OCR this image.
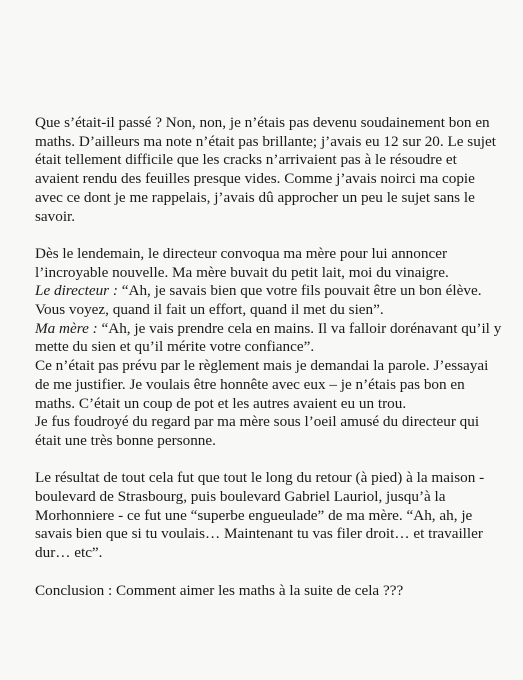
Que s’était-il passé ? Non, non, je n’étais pas devenu soudainement bon en
maths. D’ailleurs ma note n’était pas brillante; j’avais eu 12 sur 20. Le sujet
était tellement difficile que les cracks n’arrivaient pas à le résoudre et
avaient rendu des feuilles presque vides. Comme j’avais noirci ma copie
avec ce dont je me rappelais, j’avais dû approcher un peu le sujet sans le
savoir.

Dès le lendemain, le directeur convoqua ma mère pour lui annoncer
l’incroyable nouvelle. Ma mère buvait du petit lait, moi du vinaigre.
Le directeur : “Ah, je savais bien que votre fils pouvait être un bon élève.
Vous voyez, quand il fait un effort, quand il met du sien”.
Ma mère : “Ah, je vais prendre cela en mains. Il va falloir dorénavant qu’il y
mette du sien et qu’il mérite votre confiance”.
Ce n’était pas prévu par le règlement mais je demandai la parole. J’essayai
de me justifier. Je voulais être honnête avec eux – je n’étais pas bon en
maths. C’était un coup de pot et les autres avaient eu un trou.
Je fus foudroyé du regard par ma mère sous l’oeil amusé du directeur qui
était une très bonne personne.

Le résultat de tout cela fut que tout le long du retour (à pied) à la maison -
boulevard de Strasbourg, puis boulevard Gabriel Lauriol, jusqu’à la
Morhonniere - ce fut une “superbe engueulade” de ma mère. “Ah, ah, je
savais bien que si tu voulais… Maintenant tu vas filer droit… et travailler
dur… etc”.

Conclusion : Comment aimer les maths à la suite de cela ???
